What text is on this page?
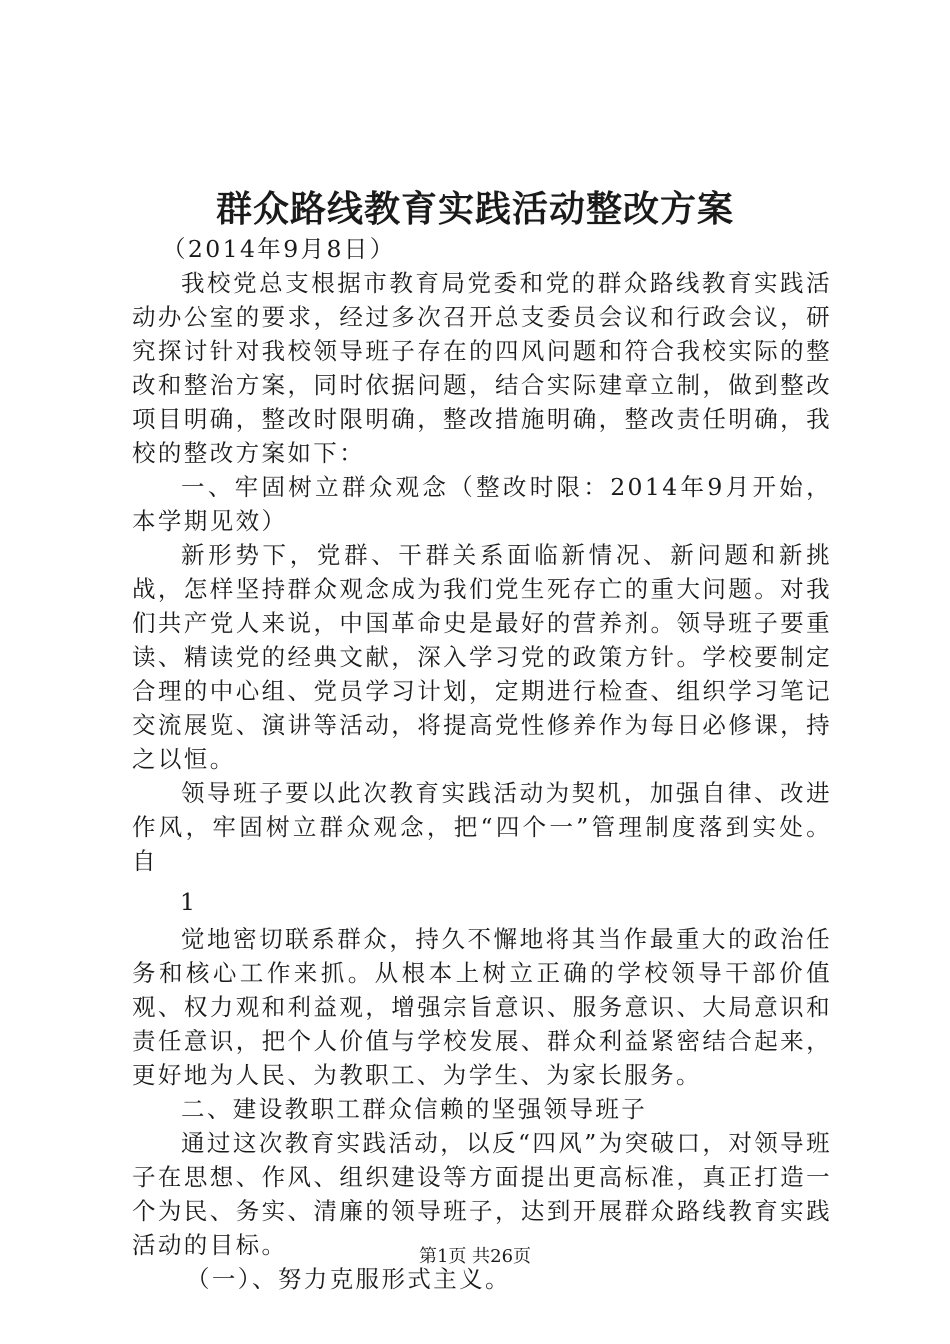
群众路线教育实践活动整改方案

（2014年9月8日）

我校党总支根据市教育局党委和党的群众路线教育实践活动办公室的要求，经过多次召开总支委员会议和行政会议，研究探讨针对我校领导班子存在的四风问题和符合我校实际的整改和整治方案，同时依据问题，结合实际建章立制，做到整改项目明确，整改时限明确，整改措施明确，整改责任明确，我校的整改方案如下：

一、牢固树立群众观念（整改时限：2014年9月开始，本学期见效）

新形势下，党群、干群关系面临新情况、新问题和新挑战，怎样坚持群众观念成为我们党生死存亡的重大问题。对我们共产党人来说，中国革命史是最好的营养剂。领导班子要重读、精读党的经典文献，深入学习党的政策方针。学校要制定合理的中心组、党员学习计划，定期进行检查、组织学习笔记交流展览、演讲等活动，将提高党性修养作为每日必修课，持之以恒。

领导班子要以此次教育实践活动为契机，加强自律、改进作风，牢固树立群众观念，把“四个一”管理制度落到实处。自

1

觉地密切联系群众，持久不懈地将其当作最重大的政治任务和核心工作来抓。从根本上树立正确的学校领导干部价值观、权力观和利益观，增强宗旨意识、服务意识、大局意识和责任意识，把个人价值与学校发展、群众利益紧密结合起来，更好地为人民、为教职工、为学生、为家长服务。

二、建设教职工群众信赖的坚强领导班子

通过这次教育实践活动，以反“四风”为突破口，对领导班子在思想、作风、组织建设等方面提出更高标准，真正打造一个为民、务实、清廉的领导班子，达到开展群众路线教育实践活动的目标。

（一）、努力克服形式主义。

第1页 共26页
